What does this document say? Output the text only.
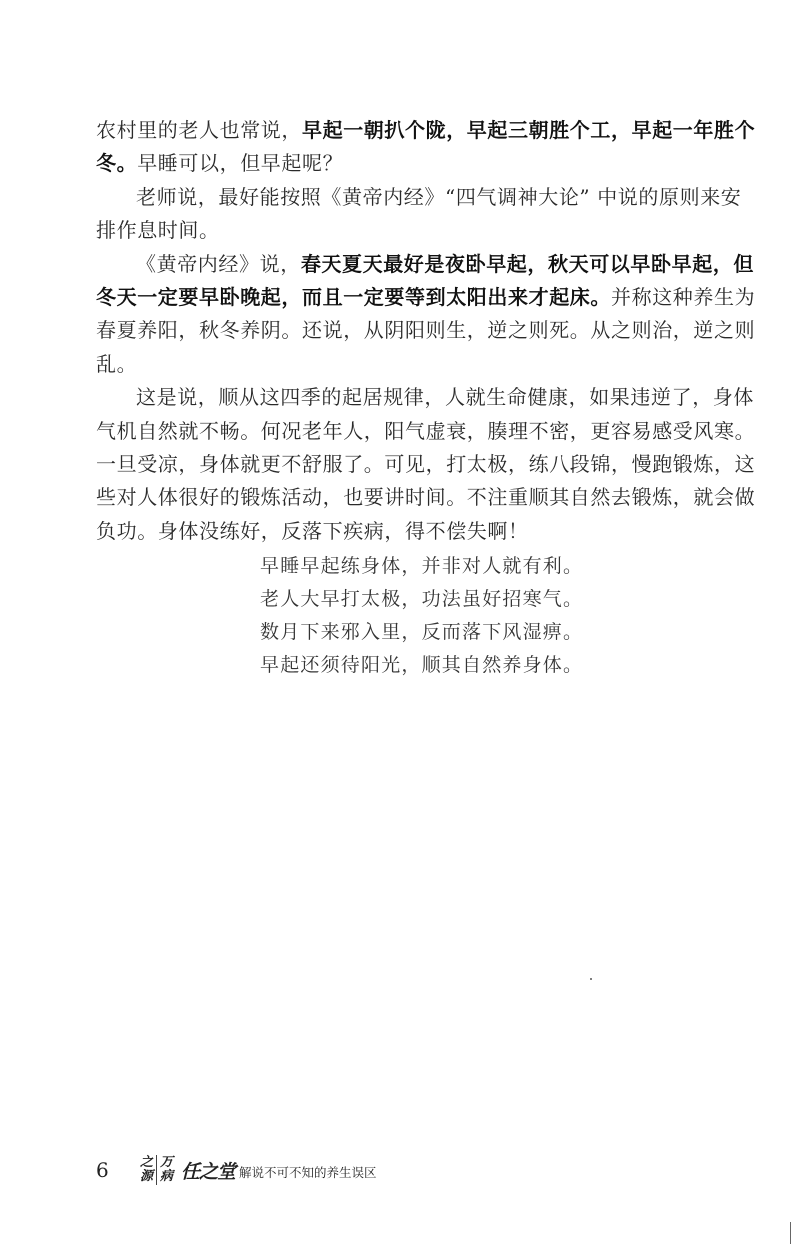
农村里的老人也常说，早起一朝扒个陇，早起三朝胜个工，早起一年胜个冬。早睡可以，但早起呢？

老师说，最好能按照《黄帝内经》“四气调神大论” 中说的原则来安排作息时间。

《黄帝内经》说，春天夏天最好是夜卧早起，秋天可以早卧早起，但冬天一定要早卧晚起，而且一定要等到太阳出来才起床。并称这种养生为春夏养阳，秋冬养阴。还说，从阴阳则生，逆之则死。从之则治，逆之则乱。

这是说，顺从这四季的起居规律，人就生命健康，如果违逆了，身体气机自然就不畅。何况老年人，阳气虚衰，腠理不密，更容易感受风寒。一旦受凉，身体就更不舒服了。可见，打太极，练八段锦，慢跑锻炼，这些对人体很好的锻炼活动，也要讲时间。不注重顺其自然去锻炼，就会做负功。身体没练好，反落下疾病，得不偿失啊！

早睡早起练身体，并非对人就有利。
老人大早打太极，功法虽好招寒气。
数月下来邪入里，反而落下风湿痹。
早起还须待阳光，顺其自然养身体。
6	之
源
万
病 任之堂 解说不可不知的养生误区
